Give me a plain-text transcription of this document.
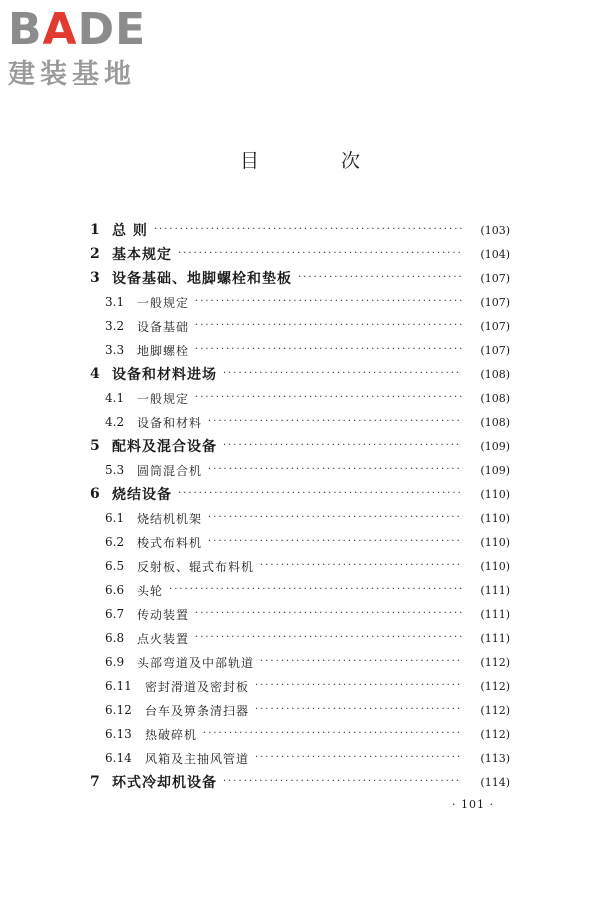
BADE
建装基地
目 次
1 总 则 ·····	(103)
2 基本规定 ·····	(104)
3 设备基础、地脚螺栓和垫板 ·····	(107)
3.1	一般规定 ·····	(107)
3.2	设备基础 ·····	(107)
3.3	地脚螺栓 ·····	(107)
4 设备和材料进场 ·····	(108)
4.1	一般规定 ·····	(108)
4.2	设备和材料 ·····	(108)
5 配料及混合设备 ·····	(109)
5.3	圆筒混合机 ·····	(109)
6 烧结设备 ·····	(110)
6.1	烧结机机架 ·····	(110)
6.2	梭式布料机 ·····	(110)
6.5	反射板、辊式布料机 ·····	(110)
6.6	头轮 ·····	(111)
6.7	传动装置 ·····	(111)
6.8	点火装置 ·····	(111)
6.9	头部弯道及中部轨道 ·····	(112)
6.11	密封滑道及密封板 ·····	(112)
6.12	台车及箅条清扫器 ·····	(112)
6.13	热破碎机 ·····	(112)
6.14	风箱及主抽风管道 ·····	(113)
7 环式冷却机设备 ·····	(114)
· 101 ·
